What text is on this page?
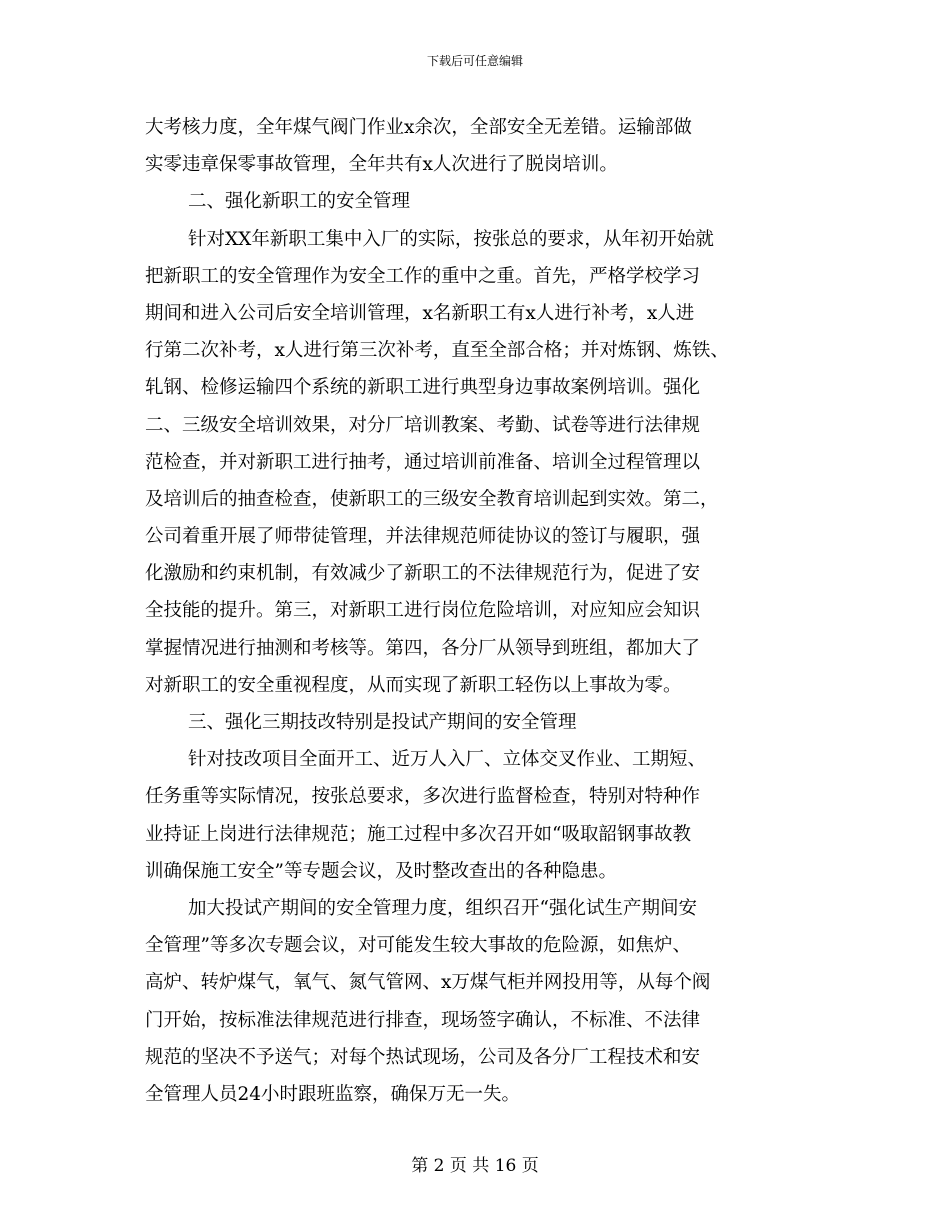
下载后可任意编辑
大考核力度，全年煤气阀门作业x余次，全部安全无差错。运输部做
实零违章保零事故管理，全年共有x人次进行了脱岗培训。
二、强化新职工的安全管理
针对XX年新职工集中入厂的实际，按张总的要求，从年初开始就
把新职工的安全管理作为安全工作的重中之重。首先，严格学校学习
期间和进入公司后安全培训管理，x名新职工有x人进行补考，x人进
行第二次补考，x人进行第三次补考，直至全部合格；并对炼钢、炼铁、
轧钢、检修运输四个系统的新职工进行典型身边事故案例培训。强化
二、三级安全培训效果，对分厂培训教案、考勤、试卷等进行法律规
范检查，并对新职工进行抽考，通过培训前准备、培训全过程管理以
及培训后的抽查检查，使新职工的三级安全教育培训起到实效。第二，
公司着重开展了师带徒管理，并法律规范师徒协议的签订与履职，强
化激励和约束机制，有效减少了新职工的不法律规范行为，促进了安
全技能的提升。第三，对新职工进行岗位危险培训，对应知应会知识
掌握情况进行抽测和考核等。第四，各分厂从领导到班组，都加大了
对新职工的安全重视程度，从而实现了新职工轻伤以上事故为零。
三、强化三期技改特别是投试产期间的安全管理
针对技改项目全面开工、近万人入厂、立体交叉作业、工期短、
任务重等实际情况，按张总要求，多次进行监督检查，特别对特种作
业持证上岗进行法律规范；施工过程中多次召开如“吸取韶钢事故教
训确保施工安全”等专题会议，及时整改查出的各种隐患。
加大投试产期间的安全管理力度，组织召开“强化试生产期间安
全管理”等多次专题会议，对可能发生较大事故的危险源，如焦炉、
高炉、转炉煤气，氧气、氮气管网、x万煤气柜并网投用等，从每个阀
门开始，按标准法律规范进行排查，现场签字确认，不标准、不法律
规范的坚决不予送气；对每个热试现场，公司及各分厂工程技术和安
全管理人员24小时跟班监察，确保万无一失。
第 2 页 共 16 页
